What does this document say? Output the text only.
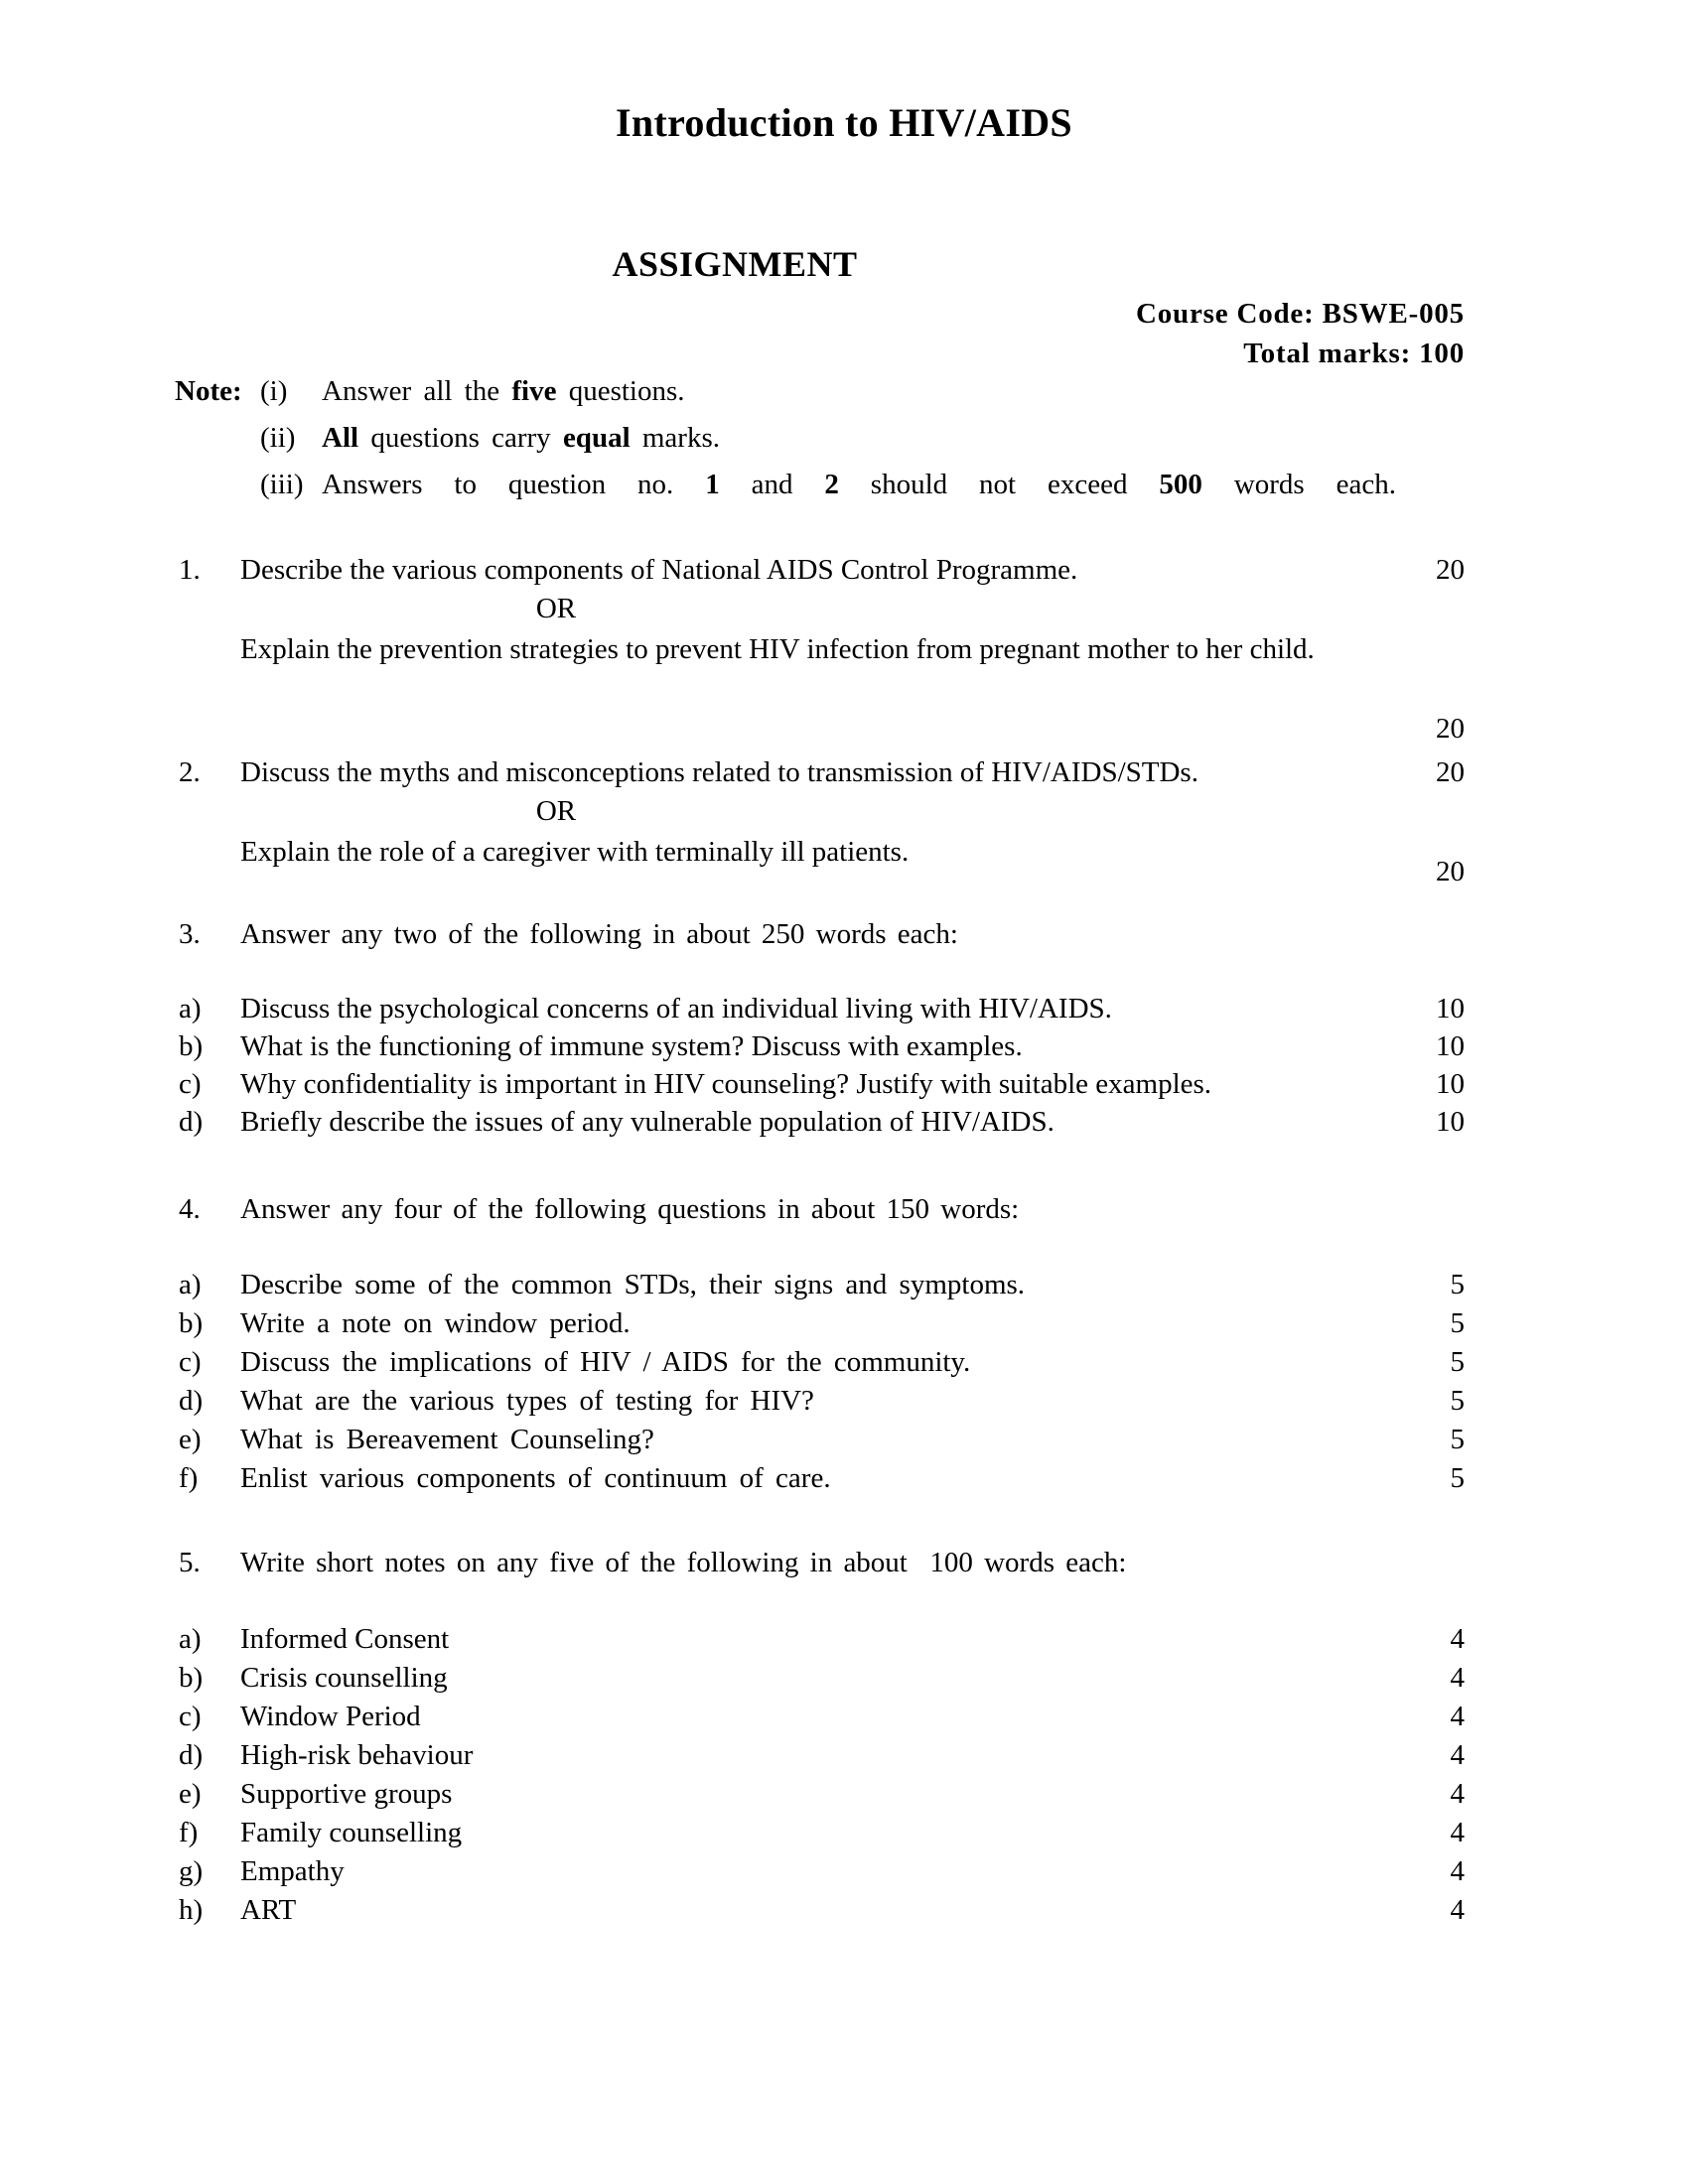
Introduction to HIV/AIDS
ASSIGNMENT
Course Code: BSWE-005
Total marks: 100
Note: (i)	Answer all the five questions.
(ii) All questions carry equal marks.
(iii) Answers to question no. 1 and 2 should not exceed 500 words each.
1.	Describe the various components of National AIDS Control Programme.	20
OR
Explain the prevention strategies to prevent HIV infection from pregnant mother to her child.
20
2.	Discuss the myths and misconceptions related to transmission of HIV/AIDS/STDs.	20
OR
Explain the role of a caregiver with terminally ill patients.
20
3.	Answer any two of the following in about 250 words each:
a)	Discuss the psychological concerns of an individual living with HIV/AIDS.	10
b)	What is the functioning of immune system? Discuss with examples.	10
c)	Why confidentiality is important in HIV counseling? Justify with suitable examples.	10
d)	Briefly describe the issues of any vulnerable population of HIV/AIDS.	10
4.	Answer any four of the following questions in about 150 words:
a)	Describe some of the common STDs, their signs and symptoms.	5
b)	Write a note on window period.	5
c)	Discuss the implications of HIV / AIDS for the community.	5
d)	What are the various types of testing for HIV?	5
e)	What is Bereavement Counseling?	5
f)	Enlist various components of continuum of care.	5
5.	Write short notes on any five of the following in about  100 words each:
a)	Informed Consent	4
b)	Crisis counselling	4
c)	Window Period	4
d)	High-risk behaviour	4
e)	Supportive groups	4
f)	Family counselling	4
g)	Empathy	4
h)	ART	4
